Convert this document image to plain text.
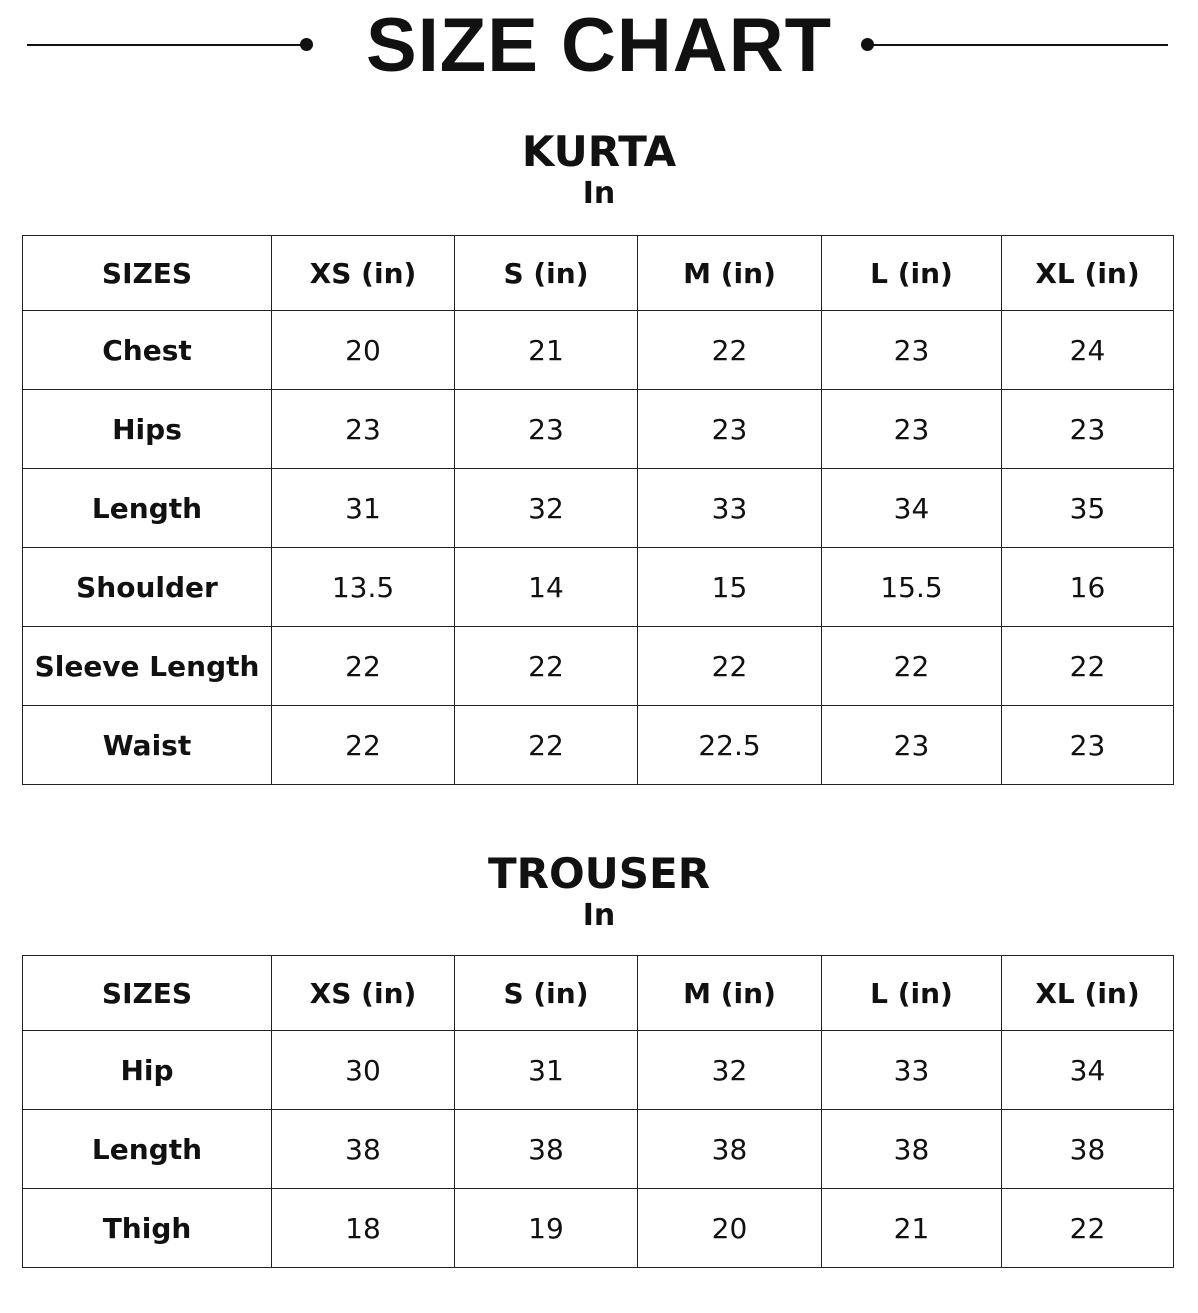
SIZE CHART
KURTA
In
SIZES	XS (in)	S (in)	M (in)	L (in)	XL (in)
Chest	20	21	22	23	24
Hips	23	23	23	23	23
Length	31	32	33	34	35
Shoulder	13.5	14	15	15.5	16
Sleeve Length	22	22	22	22	22
Waist	22	22	22.5	23	23
TROUSER
In
SIZES	XS (in)	S (in)	M (in)	L (in)	XL (in)
Hip	30	31	32	33	34
Length	38	38	38	38	38
Thigh	18	19	20	21	22
